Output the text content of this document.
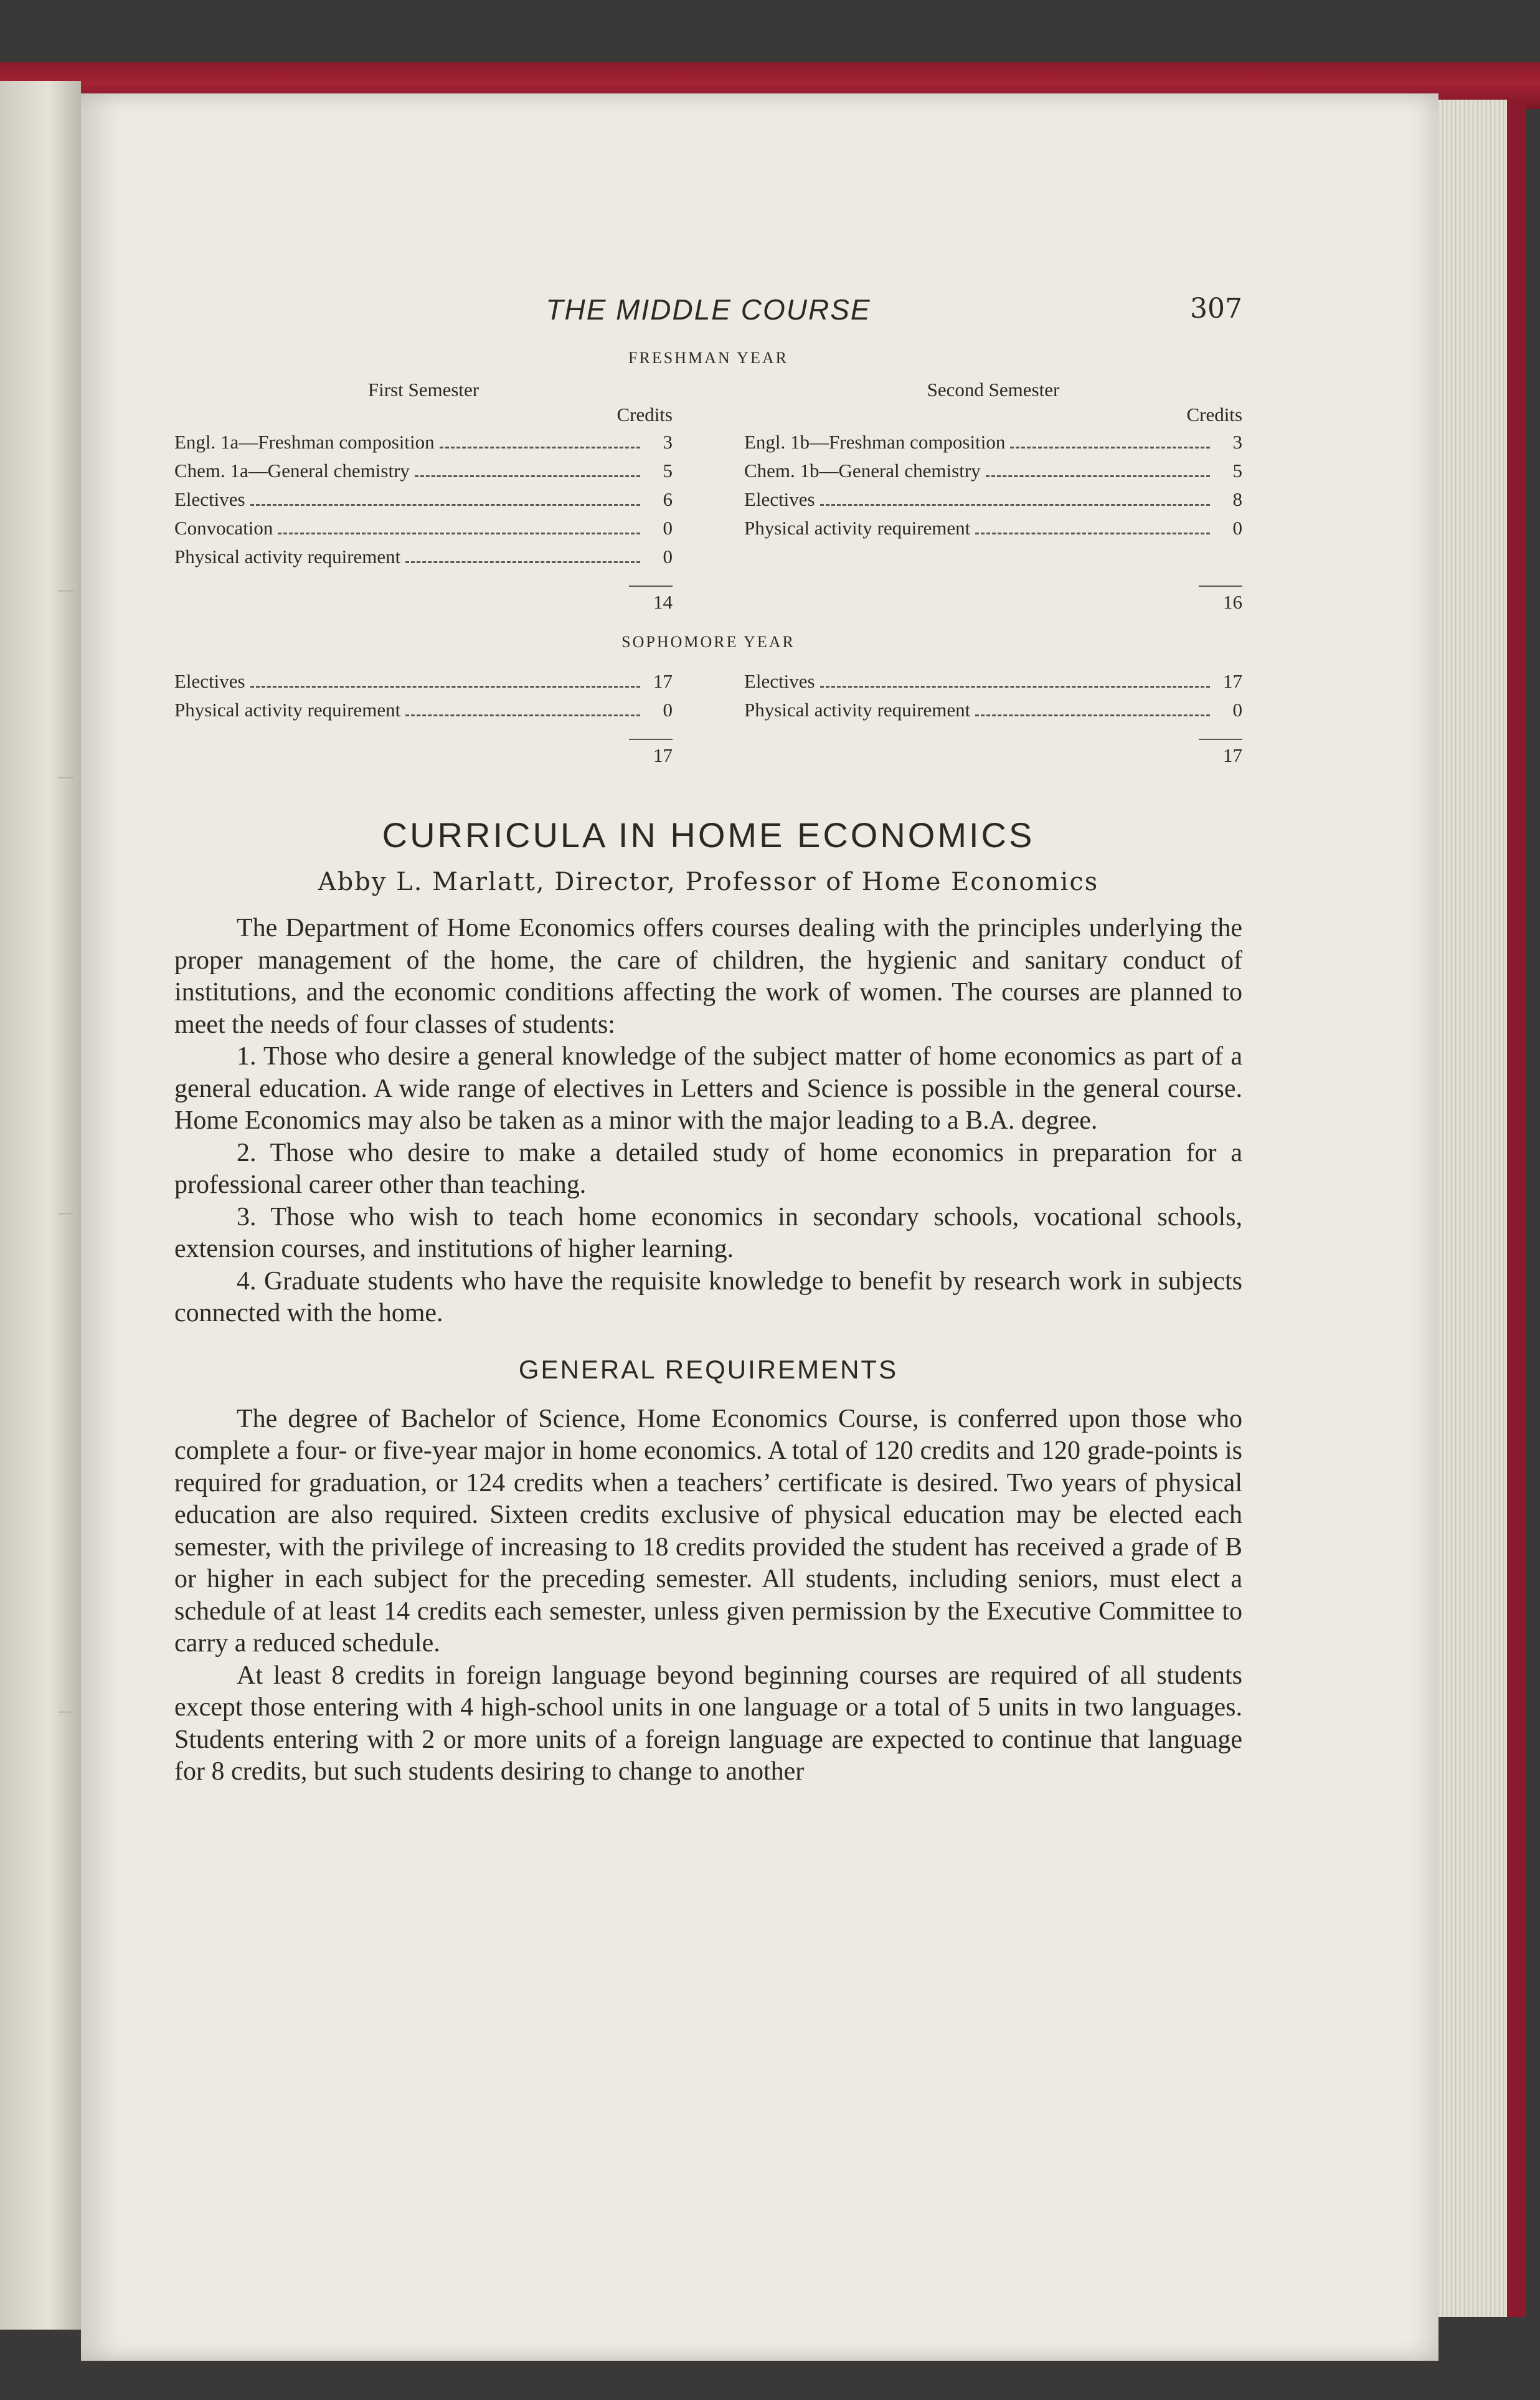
—
—
—
—
THE MIDDLE COURSE	307

FRESHMAN YEAR

First Semester
Credits
Engl. 1a—Freshman composition	3
Chem. 1a—General chemistry	5
Electives	6
Convocation	0
Physical activity requirement	0
14
Second Semester
Credits
Engl. 1b—Freshman composition	3
Chem. 1b—General chemistry	5
Electives	8
Physical activity requirement	0
16

SOPHOMORE YEAR

Electives	17
Physical activity requirement	0
17
Electives	17
Physical activity requirement	0
17
CURRICULA IN HOME ECONOMICS

Abby L. Marlatt, Director, Professor of Home Economics

The Department of Home Economics offers courses dealing with the principles underlying the proper management of the home, the care of children, the hygienic and sanitary conduct of institutions, and the economic conditions affecting the work of women. The courses are planned to meet the needs of four classes of students:

1. Those who desire a general knowledge of the subject matter of home economics as part of a general education. A wide range of electives in Letters and Science is possible in the general course. Home Economics may also be taken as a minor with the major leading to a B.A. degree.

2. Those who desire to make a detailed study of home economics in preparation for a professional career other than teaching.

3. Those who wish to teach home economics in secondary schools, vocational schools, extension courses, and institutions of higher learning.

4. Graduate students who have the requisite knowledge to benefit by research work in subjects connected with the home.

GENERAL REQUIREMENTS

The degree of Bachelor of Science, Home Economics Course, is conferred upon those who complete a four- or five-year major in home economics. A total of 120 credits and 120 grade-points is required for graduation, or 124 credits when a teachers’ certificate is desired. Two years of physical education are also required. Sixteen credits exclusive of physical education may be elected each semester, with the privilege of increasing to 18 credits provided the student has received a grade of B or higher in each subject for the preceding semester. All students, including seniors, must elect a schedule of at least 14 credits each semester, unless given permission by the Executive Committee to carry a reduced schedule.

At least 8 credits in foreign language beyond beginning courses are required of all students except those entering with 4 high-school units in one language or a total of 5 units in two languages. Students entering with 2 or more units of a foreign language are expected to continue that language for 8 credits, but such students desiring to change to another
